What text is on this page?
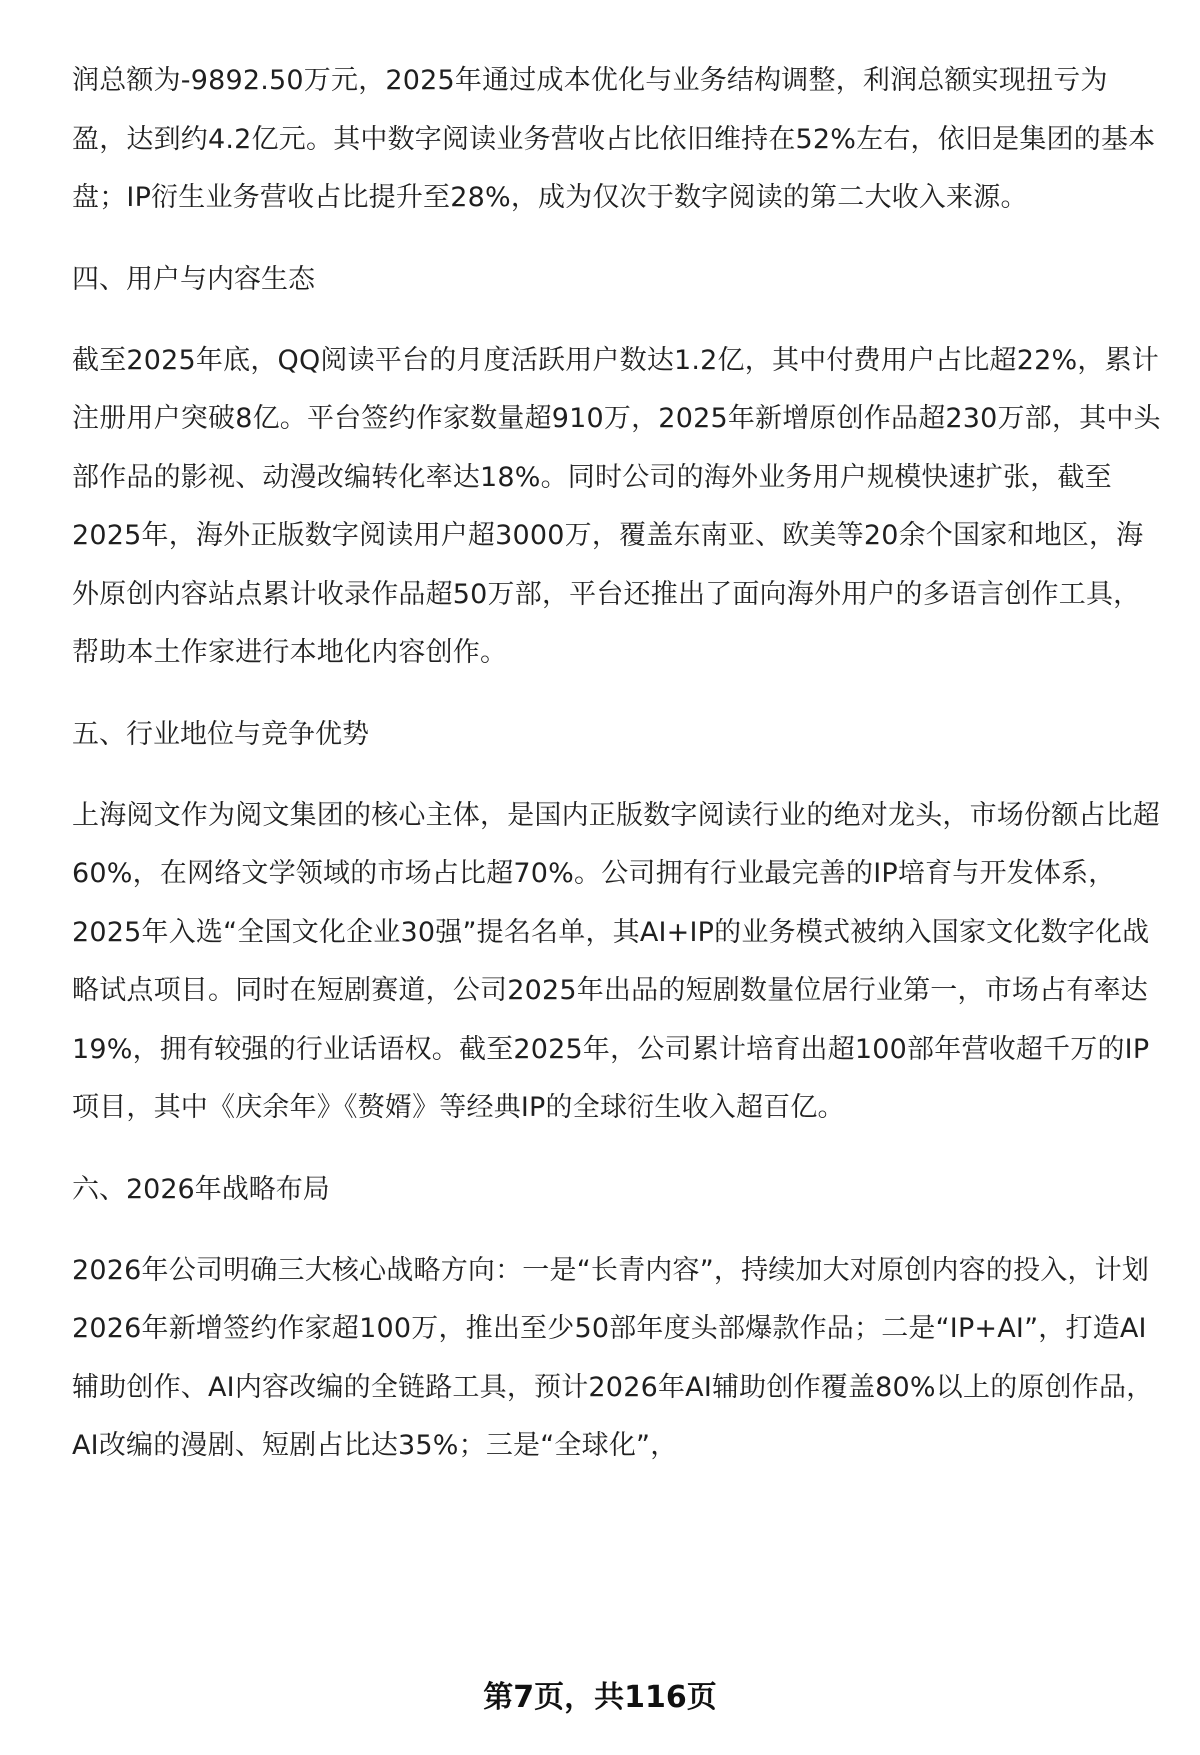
​

润总额为-9892.50万元，2025年通过成本优化与业务结构调整，利润总额实现扭亏为盈，达到约4.2亿元。其中数字阅读业务营收占比依旧维持在52%左右，依旧是集团的基本盘；IP衍生业务营收占比提升至28%，成为仅次于数字阅读的第二大收入来源。

四、用户与内容生态

截至2025年底，QQ阅读平台的月度活跃用户数达1.2亿，其中付费用户占比超22%，累计注册用户突破8亿。平台签约作家数量超910万，2025年新增原创作品超230万部，其中头部作品的影视、动漫改编转化率达18%。同时公司的海外业务用户规模快速扩张，截至2025年，海外正版数字阅读用户超3000万，覆盖东南亚、欧美等20余个国家和地区，海外原创内容站点累计收录作品超50万部，平台还推出了面向海外用户的多语言创作工具，帮助本土作家进行本地化内容创作。

五、行业地位与竞争优势

上海阅文作为阅文集团的核心主体，是国内正版数字阅读行业的绝对龙头，市场份额占比超60%，在网络文学领域的市场占比超70%。公司拥有行业最完善的IP培育与开发体系，2025年入选“全国文化企业30强”提名名单，其AI+IP的业务模式被纳入国家文化数字化战略试点项目。同时在短剧赛道，公司2025年出品的短剧数量位居行业第一，市场占有率达19%，拥有较强的行业话语权。截至2025年，公司累计培育出超100部年营收超千万的IP项目，其中《庆余年》《赘婿》等经典IP的全球衍生收入超百亿。

六、2026年战略布局

2026年公司明确三大核心战略方向：一是“长青内容”，持续加大对原创内容的投入，计划2026年新增签约作家超100万，推出至少50部年度头部爆款作品；二是“IP+AI”，打造AI辅助创作、AI内容改编的全链路工具，预计2026年AI辅助创作覆盖80%以上的原创作品，AI改编的漫剧、短剧占比达35%；三是“全球化”，

第7页，共116页
